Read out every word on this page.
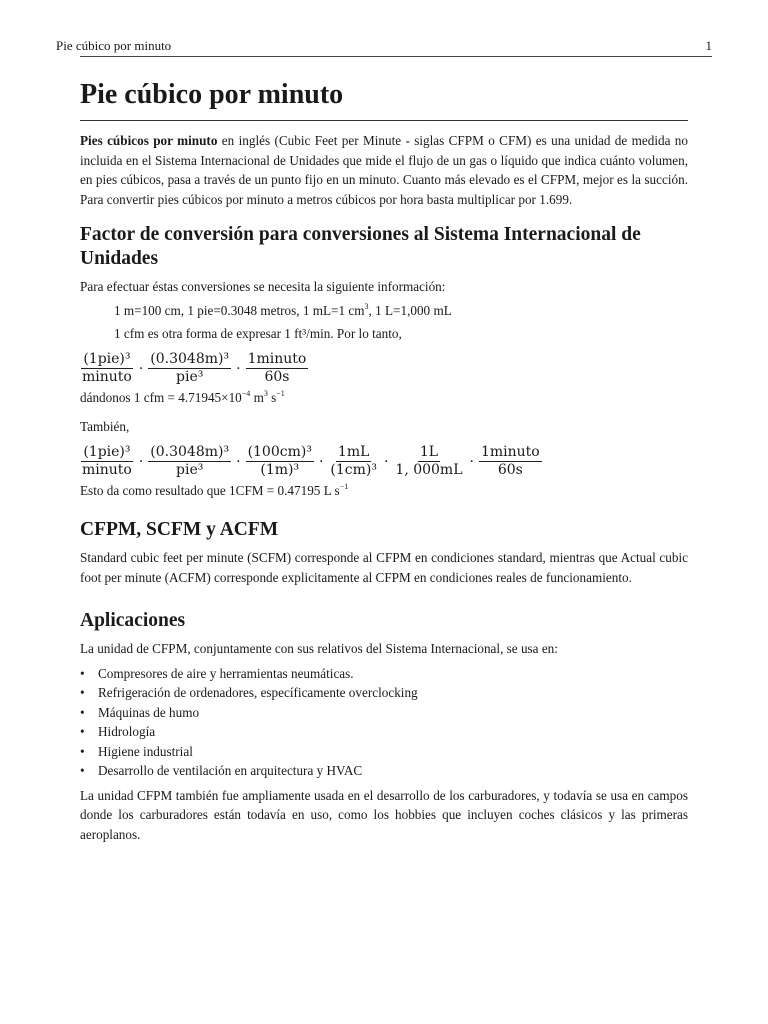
Pie cúbico por minuto	1
Pie cúbico por minuto

Pies cúbicos por minuto en inglés (Cubic Feet per Minute - siglas CFPM o CFM) es una unidad de medida no incluida en el Sistema Internacional de Unidades que mide el flujo de un gas o líquido que indica cuánto volumen, en pies cúbicos, pasa a través de un punto fijo en un minuto. Cuanto más elevado es el CFPM, mejor es la succión. Para convertir pies cúbicos por minuto a metros cúbicos por hora basta multiplicar por 1.699.

Factor de conversión para conversiones al Sistema Internacional de Unidades

Para efectuar éstas conversiones se necesita la siguiente información:

1 m=100 cm, 1 pie=0.3048 metros, 1 mL=1 $cm^3$, 1 L=1,000 mL

1 cfm es otra forma de expresar 1 ft³/min. Por lo tanto,

$\frac{\text{(1pie)³}}{\text{minuto}} \cdot \frac{\text{(0.3048m)³}}{\text{pie³}} \cdot \frac{\text{1minuto}}{60s}$

dándonos 1 cfm = $4.71945\times 10^{-4}$ $m^3$ $s^{-1}$

También,

$\frac{\text{(1pie)³}}{\text{minuto}} \cdot \frac{\text{(0.3048m)³}}{\text{pie³}} \cdot \frac{\text{(100cm)³}}{\text{(1m)³}} \cdot \frac{1mL}{\text{(1cm)³}} \cdot \frac{1L}{1, 000mL} \cdot \frac{\text{1minuto}}{60s}$

Esto da como resultado que 1CFM = 0.47195 L $s^{-1}$

CFPM, SCFM y ACFM

Standard cubic feet per minute (SCFM) corresponde al CFPM en condiciones standard, mientras que Actual cubic foot per minute (ACFM) corresponde explicitamente al CFPM en condiciones reales de funcionamiento.

Aplicaciones

La unidad de CFPM, conjuntamente con sus relativos del Sistema Internacional, se usa en:

• Compresores de aire y herramientas neumáticas.
• Refrigeración de ordenadores, específicamente overclocking
• Máquinas de humo
• Hidrología
• Higiene industrial
• Desarrollo de ventilación en arquitectura y HVAC

La unidad CFPM también fue ampliamente usada en el desarrollo de los carburadores, y todavía se usa en campos donde los carburadores están todavía en uso, como los hobbies que incluyen coches clásicos y las primeras aeroplanos.
